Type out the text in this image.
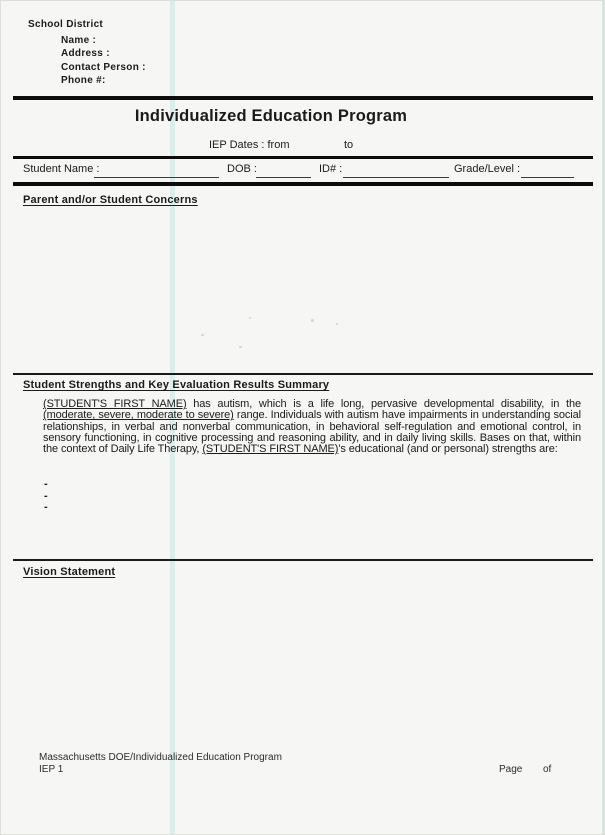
School District
Name :
Address :
Contact Person :
Phone #:
Individualized Education Program
IEP Dates : from	to
Student Name :	DOB :	ID# :	Grade/Level :
Parent and/or Student Concerns
Student Strengths and Key Evaluation Results Summary

(STUDENT'S FIRST NAME) has autism, which is a life long, pervasive developmental disability, in the (moderate, severe, moderate to severe) range. Individuals with autism have impairments in understanding social relationships, in verbal and nonverbal communication, in behavioral self-regulation and emotional control, in sensory functioning, in cognitive processing and reasoning ability, and in daily living skills. Bases on that, within the context of Daily Life Therapy, (STUDENT'S FIRST NAME)'s educational (and or personal) strengths are:

-
-
-
Vision Statement
Massachusetts DOE/Individualized Education Program
IEP 1	Page of
